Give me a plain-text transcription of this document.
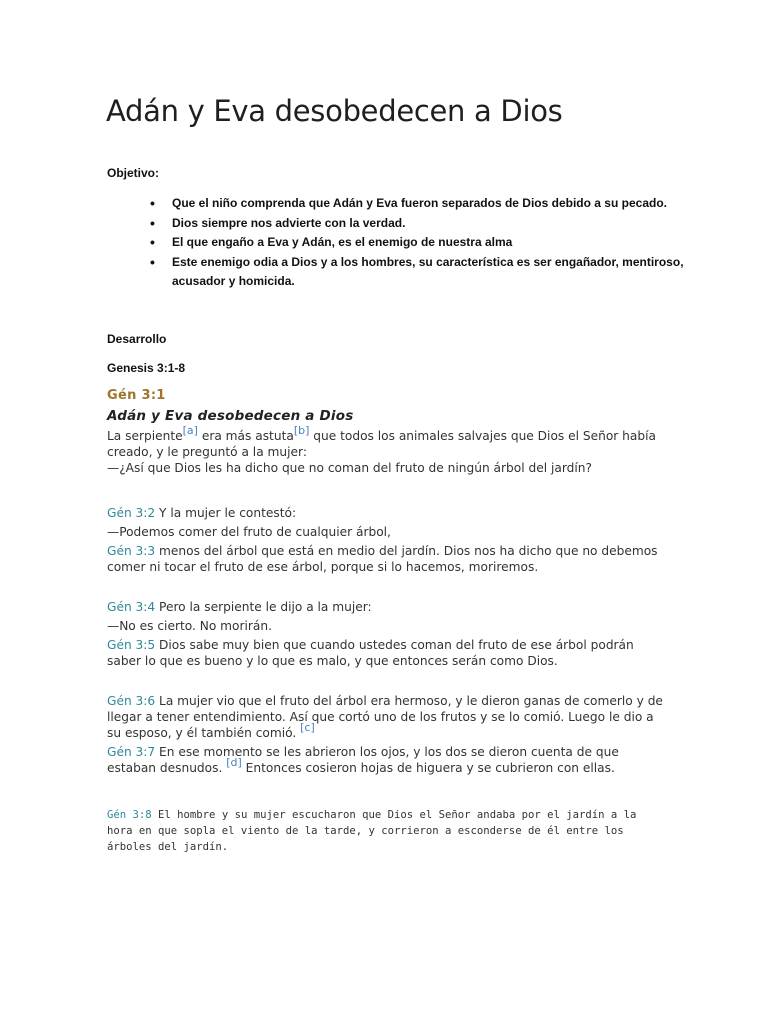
Adán y Eva desobedecen a Dios

Objetivo:

• Que el niño comprenda que Adán y Eva fueron separados de Dios debido a su pecado.
• Dios siempre nos advierte con la verdad.
• El que engaño a Eva y Adán, es el enemigo de nuestra alma
• Este enemigo odia a Dios y a los hombres, su característica es ser engañador, mentiroso, acusador y homicida.

Desarrollo

Genesis 3:1-8

Gén 3:1

Adán y Eva desobedecen a Dios

La serpiente[a] era más astuta[b] que todos los animales salvajes que Dios el Señor había creado, y le preguntó a la mujer:

—¿Así que Dios les ha dicho que no coman del fruto de ningún árbol del jardín?

Gén 3:2 Y la mujer le contestó:

—Podemos comer del fruto de cualquier árbol,

Gén 3:3 menos del árbol que está en medio del jardín. Dios nos ha dicho que no debemos comer ni tocar el fruto de ese árbol, porque si lo hacemos, moriremos.

Gén 3:4 Pero la serpiente le dijo a la mujer:

—No es cierto. No morirán.

Gén 3:5 Dios sabe muy bien que cuando ustedes coman del fruto de ese árbol podrán saber lo que es bueno y lo que es malo, y que entonces serán como Dios.

Gén 3:6 La mujer vio que el fruto del árbol era hermoso, y le dieron ganas de comerlo y de llegar a tener entendimiento. Así que cortó uno de los frutos y se lo comió. Luego le dio a su esposo, y él también comió. [c]

Gén 3:7 En ese momento se les abrieron los ojos, y los dos se dieron cuenta de que estaban desnudos. [d] Entonces cosieron hojas de higuera y se cubrieron con ellas.

Gén 3:8 El hombre y su mujer escucharon que Dios el Señor andaba por el jardín a la hora en que sopla el viento de la tarde, y corrieron a esconderse de él entre los árboles del jardín.
